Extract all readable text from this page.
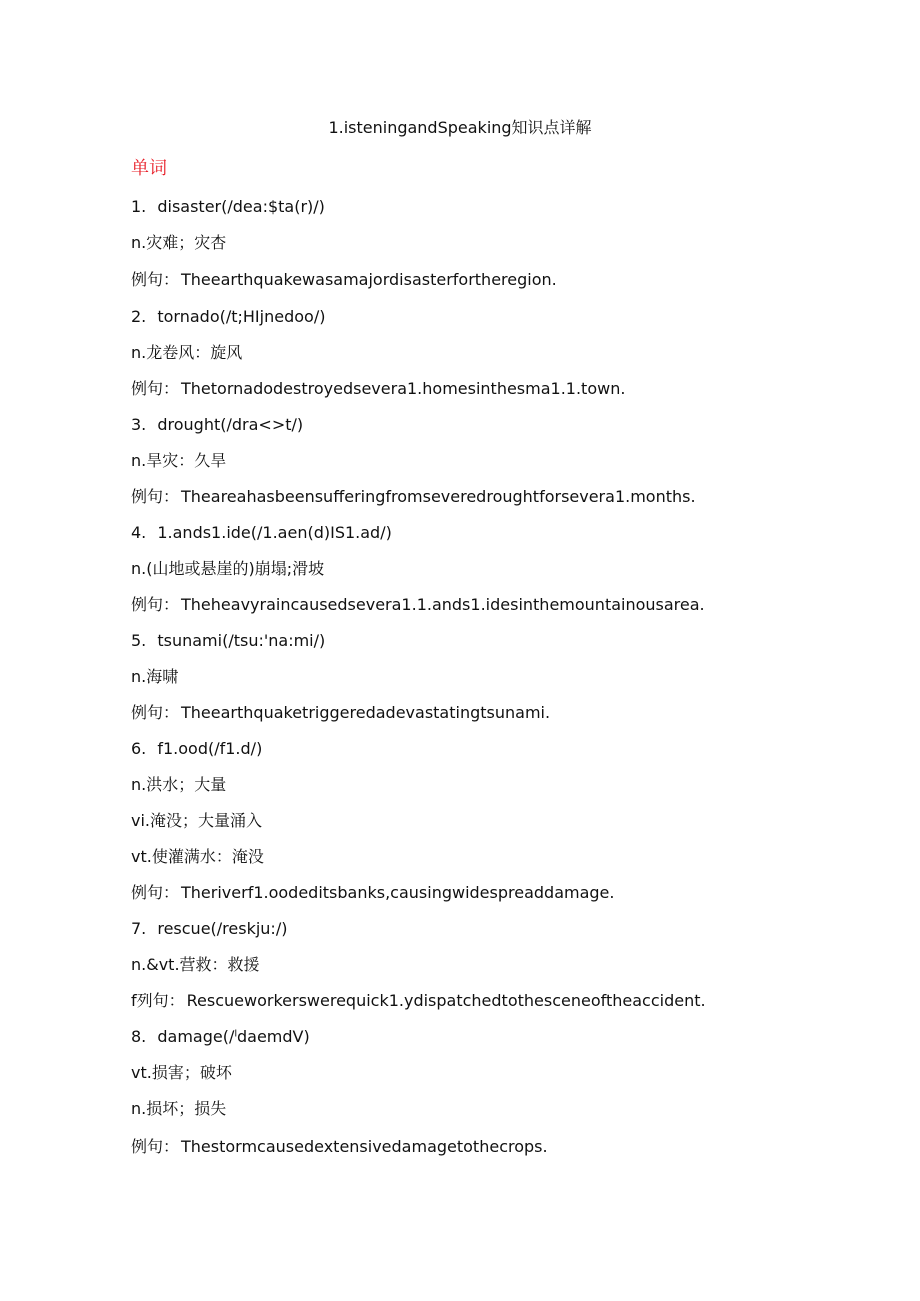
1.isteningandSpeaking知识点详解
单词
1. disaster(∕dea:$ta(r)/)
n.灾难；灾杏
例句： Theearthquakewasamajordisasterfortheregion.
2. tornado(∕t;HIjnedoo∕)
n.龙卷风：旋风
例句： Thetornadodestroyedsevera1.homesinthesma1.1.town.
3. drought(∕dra<>t∕)
n.旱灾：久旱
例句： Theareahasbeensufferingfromseveredroughtforsevera1.months.
4. 1.ands1.ide(/1.aen(d)IS1.ad∕)
n.(山地或悬崖的)崩塌;滑坡
例句： Theheavyraincausedsevera1.1.ands1.idesinthemountainousarea.
5. tsunami(/tsu:'na:mi/)
n.海啸
例句： Theearthquaketriggeredadevastatingtsunami.
6. f1.ood(∕f1.d∕)
n.洪水；大量
vi.淹没；大量涌入
vt.使灌满水：淹没
例句： Theriverf1.oodeditsbanks,causingwidespreaddamage.
7. rescue(/reskju:/)
n.&vt.营救：救援
f列句： Rescueworkerswerequick1.ydispatchedtothesceneoftheaccident.
8. damage(∕ˡdaemdV)
vt.损害；破坏
n.损坏；损失
例句： Thestormcausedextensivedamagetothecrops.
